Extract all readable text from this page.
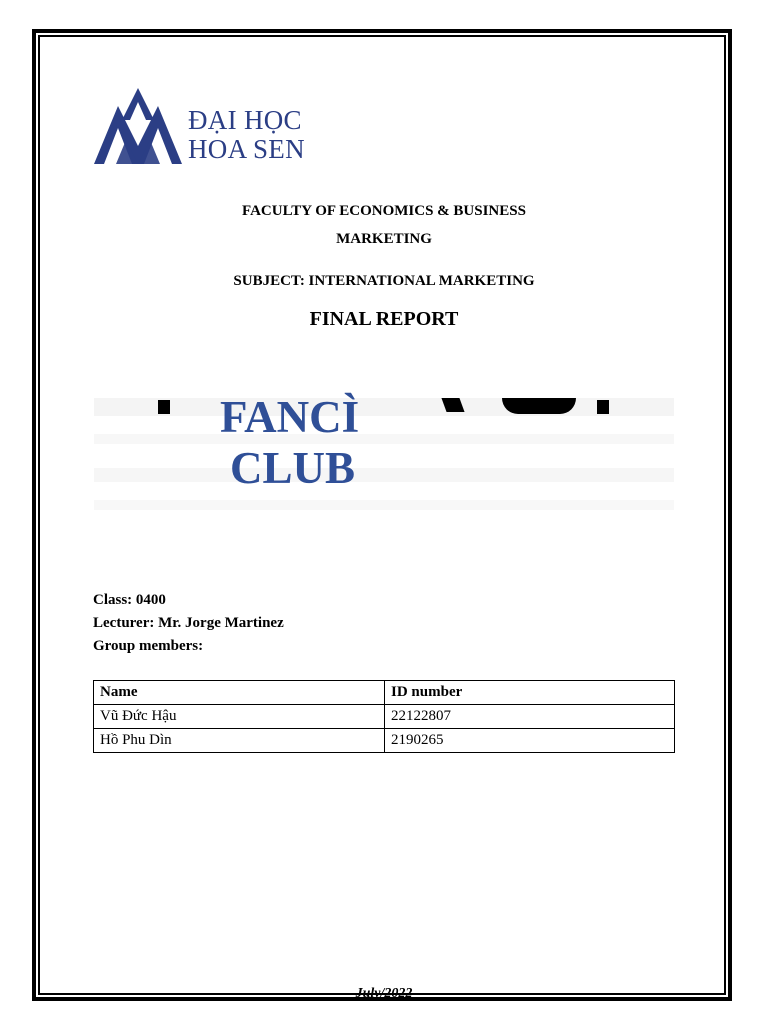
ĐẠI HỌC
HOA SEN
FACULTY OF ECONOMICS & BUSINESS
MARKETING
SUBJECT: INTERNATIONAL MARKETING
FINAL REPORT
FANCÌ
CLUB
Class: 0400
Lecturer: Mr. Jorge Martinez
Group members:
Name	ID number
Vũ Đức Hậu	22122807
Hồ Phu Dìn	2190265
July/2022
